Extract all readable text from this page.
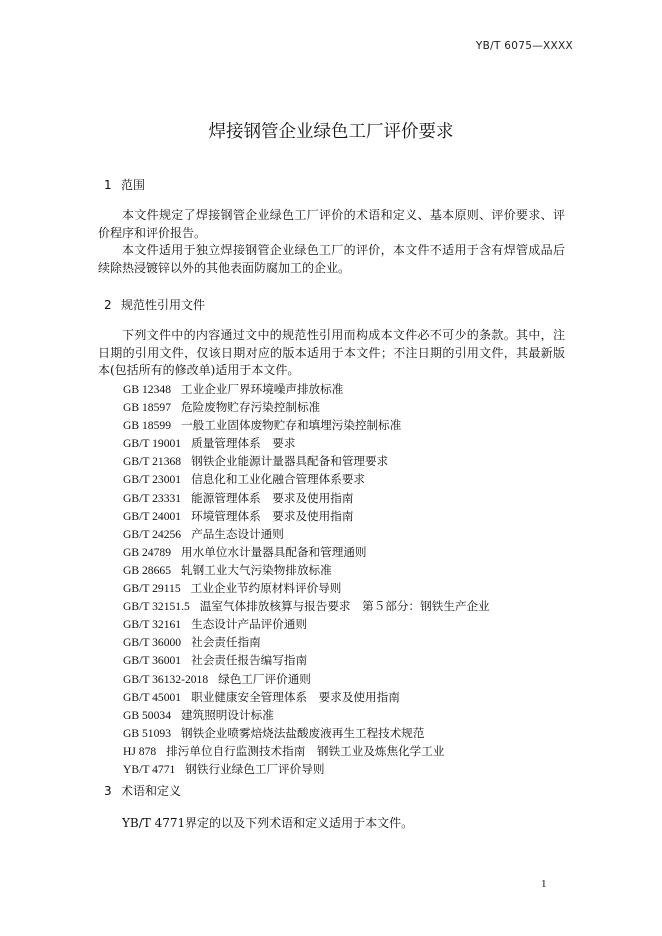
YB/T 6075—XXXX
焊接钢管企业绿色工厂评价要求
1 范围
本文件规定了焊接钢管企业绿色工厂评价的术语和定义、基本原则、评价要求、评价程序和评价报告。
本文件适用于独立焊接钢管企业绿色工厂的评价，本文件不适用于含有焊管成品后续除热浸镀锌以外的其他表面防腐加工的企业。
2 规范性引用文件
下列文件中的内容通过文中的规范性引用而构成本文件必不可少的条款。其中，注日期的引用文件，仅该日期对应的版本适用于本文件；不注日期的引用文件，其最新版本(包括所有的修改单)适用于本文件。
GB 12348 工业企业厂界环境噪声排放标准
GB 18597 危险废物贮存污染控制标准
GB 18599 一般工业固体废物贮存和填埋污染控制标准
GB/T 19001 质量管理体系　要求
GB/T 21368 钢铁企业能源计量器具配备和管理要求
GB/T 23001 信息化和工业化融合管理体系要求
GB/T 23331 能源管理体系　要求及使用指南
GB/T 24001 环境管理体系　要求及使用指南
GB/T 24256 产品生态设计通则
GB 24789 用水单位水计量器具配备和管理通则
GB 28665 轧钢工业大气污染物排放标准
GB/T 29115 工业企业节约原材料评价导则
GB/T 32151.5 温室气体排放核算与报告要求　第５部分：钢铁生产企业
GB/T 32161 生态设计产品评价通则
GB/T 36000 社会责任指南
GB/T 36001 社会责任报告编写指南
GB/T 36132-2018 绿色工厂评价通则
GB/T 45001 职业健康安全管理体系　要求及使用指南
GB 50034 建筑照明设计标准
GB 51093 钢铁企业喷雾焙烧法盐酸废液再生工程技术规范
HJ 878 排污单位自行监测技术指南　钢铁工业及炼焦化学工业
YB/T 4771 钢铁行业绿色工厂评价导则
3 术语和定义
YB/T 4771界定的以及下列术语和定义适用于本文件。
1
